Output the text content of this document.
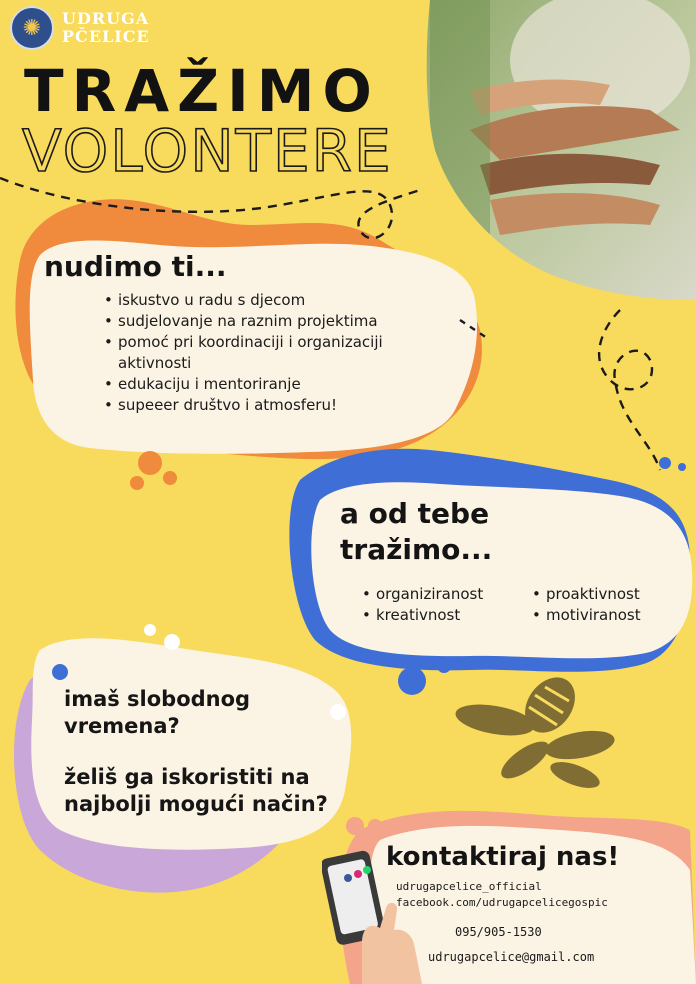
✺	UDRUGA
PČELICE
TRAŽIMO
VOLONTERE
nudimo ti...
• iskustvo u radu s djecom
• sudjelovanje na raznim projektima
• pomoć pri koordinaciji i organizaciji
aktivnosti
• edukaciju i mentoriranje
• supeeer društvo i atmosferu!
a od tebe
tražimo...
• organiziranost
• kreativnost
• proaktivnost
• motiviranost
imaš slobodnog
vremena?
želiš ga iskoristiti na
najbolji mogući način?
kontaktiraj nas!
udrugapcelice_official
facebook.com/udrugapcelicegospic
095/905-1530
udrugapcelice@gmail.com
